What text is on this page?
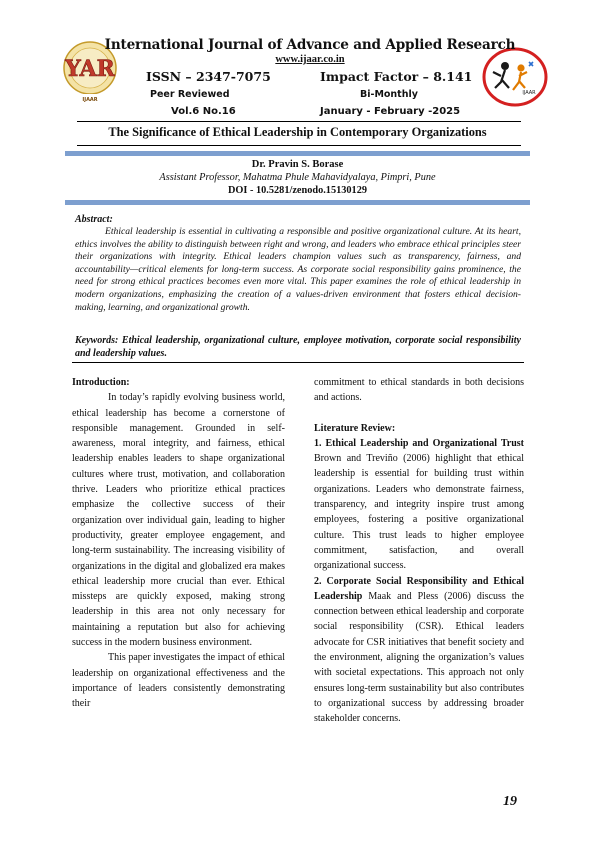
YAR
IJAAR
IJAAR
International Journal of Advance and Applied Research
www.ijaar.co.in
ISSN – 2347-7075	Impact Factor – 8.141
Peer Reviewed	Bi-Monthly
Vol.6 No.16	January - February -2025
The Significance of Ethical Leadership in Contemporary Organizations
Dr. Pravin S. Borase
Assistant Professor, Mahatma Phule Mahavidyalaya, Pimpri, Pune
DOI - 10.5281/zenodo.15130129
Abstract:
Ethical leadership is essential in cultivating a responsible and positive organizational culture. At its heart, ethics involves the ability to distinguish between right and wrong, and leaders who embrace ethical principles steer their organizations with integrity. Ethical leaders champion values such as transparency, fairness, and accountability—critical elements for long-term success. As corporate social responsibility gains prominence, the need for strong ethical practices becomes even more vital. This paper examines the role of ethical leadership in modern organizations, emphasizing the creation of a values-driven environment that fosters ethical decision-making, learning, and organizational growth.
Keywords: Ethical leadership, organizational culture, employee motivation, corporate social responsibility and leadership values.

Introduction:

In today’s rapidly evolving business world, ethical leadership has become a cornerstone of responsible management. Grounded in self-awareness, moral integrity, and fairness, ethical leadership enables leaders to shape organizational cultures where trust, motivation, and collaboration thrive. Leaders who prioritize ethical practices emphasize the collective success of their organization over individual gain, leading to higher productivity, greater employee engagement, and long-term sustainability. The increasing visibility of organizations in the digital and globalized era makes ethical leadership more crucial than ever. Ethical missteps are quickly exposed, making strong leadership in this area not only necessary for maintaining a reputation but also for achieving success in the modern business environment.

This paper investigates the impact of ethical leadership on organizational effectiveness and the importance of leaders consistently demonstrating their

commitment to ethical standards in both decisions and actions.

Literature Review:

1. Ethical Leadership and Organizational Trust Brown and Treviño (2006) highlight that ethical leadership is essential for building trust within organizations. Leaders who demonstrate fairness, transparency, and integrity inspire trust among employees, fostering a positive organizational culture. This trust leads to higher employee commitment, satisfaction, and overall organizational success.

2. Corporate Social Responsibility and Ethical Leadership Maak and Pless (2006) discuss the connection between ethical leadership and corporate social responsibility (CSR). Ethical leaders advocate for CSR initiatives that benefit society and the environment, aligning the organization’s values with societal expectations. This approach not only ensures long-term sustainability but also contributes to organizational success by addressing broader stakeholder concerns.

19
